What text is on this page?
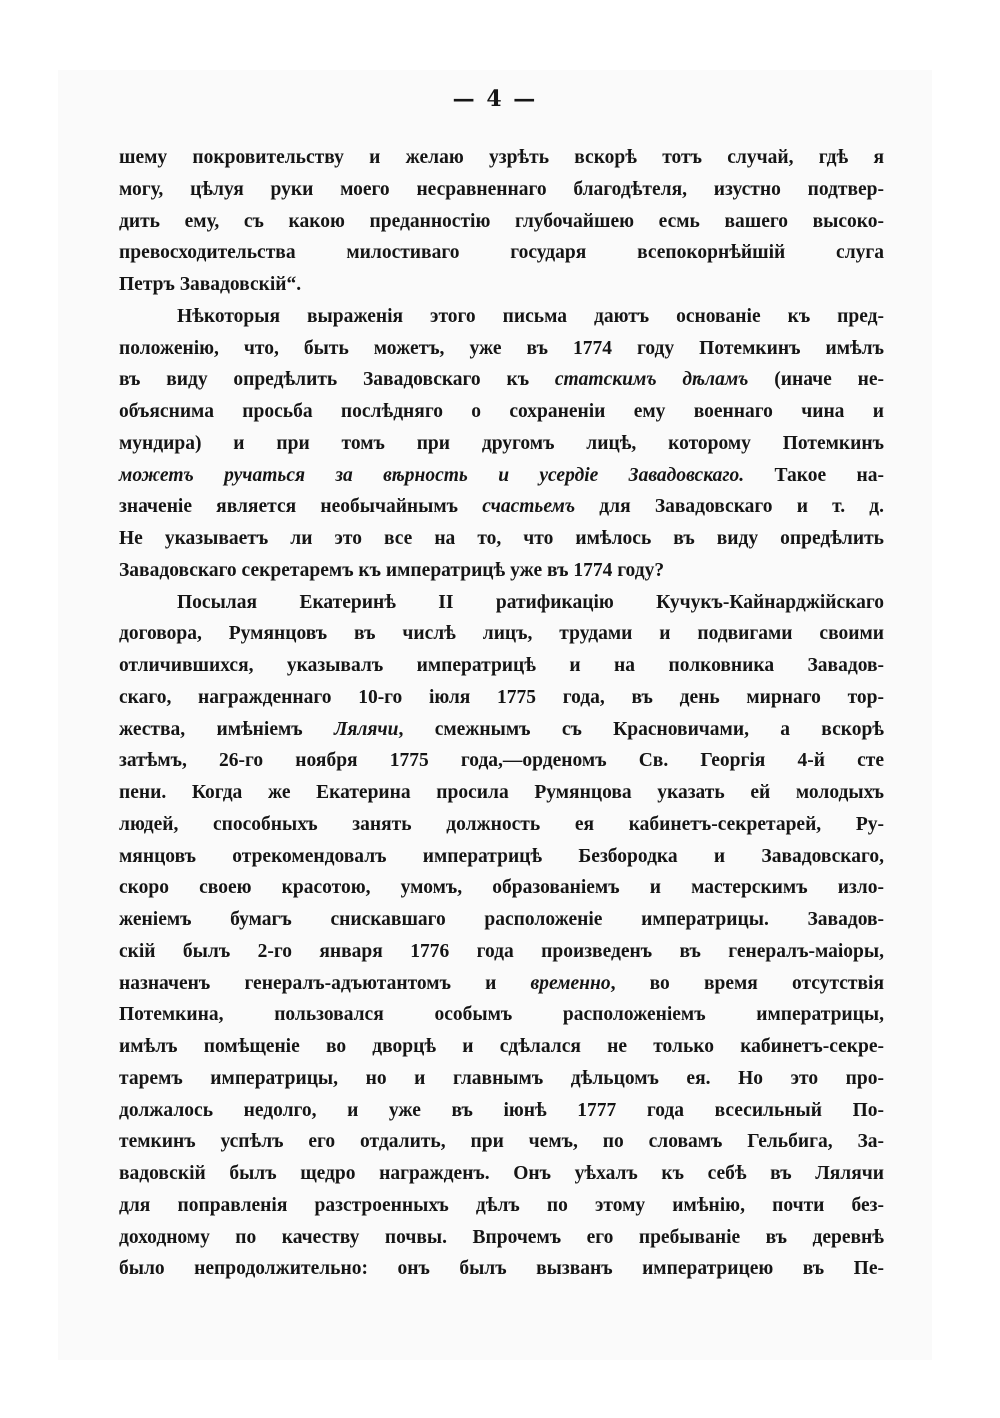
— 4 —
шему покровительству и желаю узрѣть вскорѣ тотъ случай, гдѣ я
могу, цѣлуя руки моего несравненнаго благодѣтеля, изустно подтвер-
дить ему, съ какою преданностію глубочайшею есмь вашего высоко-
превосходительства милостиваго государя всепокорнѣйшій слуга
Петръ Завадовскій“.
Нѣкоторыя выраженія этого письма даютъ основаніе къ пред-
положенію, что, быть можетъ, уже въ 1774 году Потемкинъ имѣлъ
въ виду опредѣлить Завадовскаго къ статскимъ дѣламъ (иначе не-
объяснима просьба послѣдняго о сохраненіи ему военнаго чина и
мундира) и при томъ при другомъ лицѣ, которому Потемкинъ
можетъ ручаться за вѣрность и усердіе Завадовскаго. Такое на-
значеніе является необычайнымъ счастьемъ для Завадовскаго и т. д.
Не указываетъ ли это все на то, что имѣлось въ виду опредѣлить
Завадовскаго секретаремъ къ императрицѣ уже въ 1774 году?
Посылая Екатеринѣ II ратификацію Кучукъ-Кайнарджійскаго
договора, Румянцовъ въ числѣ лицъ, трудами и подвигами своими
отличившихся, указывалъ императрицѣ и на полковника Завадов-
скаго, награжденнаго 10-го іюля 1775 года, въ день мирнаго тор-
жества, имѣніемъ Лялячи, смежнымъ съ Красновичами, а вскорѣ
затѣмъ, 26-го ноября 1775 года,—орденомъ Св. Георгія 4-й сте
пени. Когда же Екатерина просила Румянцова указать ей молодыхъ
людей, способныхъ занять должность ея кабинетъ-секретарей, Ру-
мянцовъ отрекомендовалъ императрицѣ Безбородка и Завадовскаго,
скоро своею красотою, умомъ, образованіемъ и мастерскимъ изло-
женіемъ бумагъ снискавшаго расположеніе императрицы. Завадов-
скій былъ 2-го января 1776 года произведенъ въ генералъ-маіоры,
назначенъ генералъ-адъютантомъ и временно, во время отсутствія
Потемкина, пользовался особымъ расположеніемъ императрицы,
имѣлъ помѣщеніе во дворцѣ и сдѣлался не только кабинетъ-секре-
таремъ императрицы, но и главнымъ дѣльцомъ ея. Но это про-
должалось недолго, и уже въ іюнѣ 1777 года всесильный По-
темкинъ успѣлъ его отдалить, при чемъ, по словамъ Гельбига, За-
вадовскій былъ щедро награжденъ. Онъ уѣхалъ къ себѣ въ Лялячи
для поправленія разстроенныхъ дѣлъ по этому имѣнію, почти без-
доходному по качеству почвы. Впрочемъ его пребываніе въ деревнѣ
было непродолжительно: онъ былъ вызванъ императрицею въ Пе-
